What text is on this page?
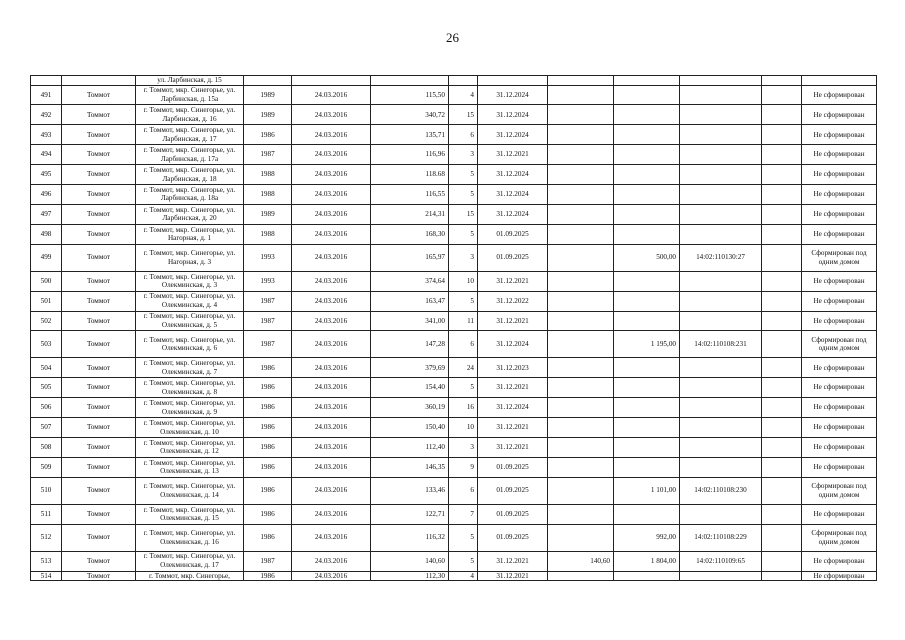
26
		ул. Ларбинская, д. 15										
491	Томмот	г. Томмот, мкр. Синегорье, ул. Ларбинская, д. 15а	1989	24.03.2016	115,50	4	31.12.2024					Не сформирован
492	Томмот	г. Томмот, мкр. Синегорье, ул. Ларбинская, д. 16	1989	24.03.2016	340,72	15	31.12.2024					Не сформирован
493	Томмот	г. Томмот, мкр. Синегорье, ул. Ларбинская, д. 17	1986	24.03.2016	135,71	6	31.12.2024					Не сформирован
494	Томмот	г. Томмот, мкр. Синегорье, ул. Ларбинская, д. 17а	1987	24.03.2016	116,96	3	31.12.2021					Не сформирован
495	Томмот	г. Томмот, мкр. Синегорье, ул. Ларбинская, д. 18	1988	24.03.2016	118.68	5	31.12.2024					Не сформирован
496	Томмот	г. Томмот, мкр. Синегорье, ул. Ларбинская, д. 18а	1988	24.03.2016	116,55	5	31.12.2024					Не сформирован
497	Томмот	г. Томмот, мкр. Синегорье, ул. Ларбинская, д. 20	1989	24.03.2016	214,31	15	31.12.2024					Не сформирован
498	Томмот	г. Томмот, мкр. Синегорье, ул. Нагорная, д. 1	1988	24.03.2016	168,30	5	01.09.2025					Не сформирован
499	Томмот	г. Томмот, мкр. Синегорье, ул. Нагорная, д. 3	1993	24.03.2016	165,97	3	01.09.2025		500,00	14:02:110130:27		Сформирован под одним домом
500	Томмот	г. Томмот, мкр. Синегорье, ул. Олекминская, д. 3	1993	24.03.2016	374,64	10	31.12.2021					Не сформирован
501	Томмот	г. Томмот, мкр. Синегорье, ул. Олекминская, д. 4	1987	24.03.2016	163,47	5	31.12.2022					Не сформирован
502	Томмот	г. Томмот, мкр. Синегорье, ул. Олекминская, д. 5	1987	24.03.2016	341,00	11	31.12.2021					Не сформирован
503	Томмот	г. Томмот, мкр. Синегорье, ул. Олекминская, д. 6	1987	24.03.2016	147,28	6	31.12.2024		1 195,00	14:02:110108:231		Сформирован под одним домом
504	Томмот	г. Томмот, мкр. Синегорье, ул. Олекминская, д. 7	1986	24.03.2016	379,69	24	31.12.2023					Не сформирован
505	Томмот	г. Томмот, мкр. Синегорье, ул. Олекминская, д. 8	1986	24.03.2016	154,40	5	31.12.2021					Не сформирован
506	Томмот	г. Томмот, мкр. Синегорье, ул. Олекминская, д. 9	1986	24.03.2016	360,19	16	31.12.2024					Не сформирован
507	Томмот	г. Томмот, мкр. Синегорье, ул. Олекминская, д. 10	1986	24.03.2016	150,40	10	31.12.2021					Не сформирован
508	Томмот	г. Томмот, мкр. Синегорье, ул. Олекминская, д. 12	1986	24.03.2016	112,40	3	31.12.2021					Не сформирован
509	Томмот	г. Томмот, мкр. Синегорье, ул. Олекминская, д. 13	1986	24.03.2016	146,35	9	01.09.2025					Не сформирован
510	Томмот	г. Томмот, мкр. Синегорье, ул. Олекминская, д. 14	1986	24.03.2016	133,46	6	01.09.2025		1 101,00	14:02:110108:230		Сформирован под одним домом
511	Томмот	г. Томмот, мкр. Синегорье, ул. Олекминская, д. 15	1986	24.03.2016	122,71	7	01.09.2025					Не сформирован
512	Томмот	г. Томмот, мкр. Синегорье, ул. Олекминская, д. 16	1986	24.03.2016	116,32	5	01.09.2025		992,00	14:02:110108:229		Сформирован под одним домом
513	Томмот	г. Томмот, мкр. Синегорье, ул. Олекминская, д. 17	1987	24.03.2016	140,60	5	31.12.2021	140,60	1 804,00	14:02:110109:65		Не сформирован
514	Томмот	г. Томмот, мкр. Синегорье,	1986	24.03.2016	112,30	4	31.12.2021					Не сформирован
